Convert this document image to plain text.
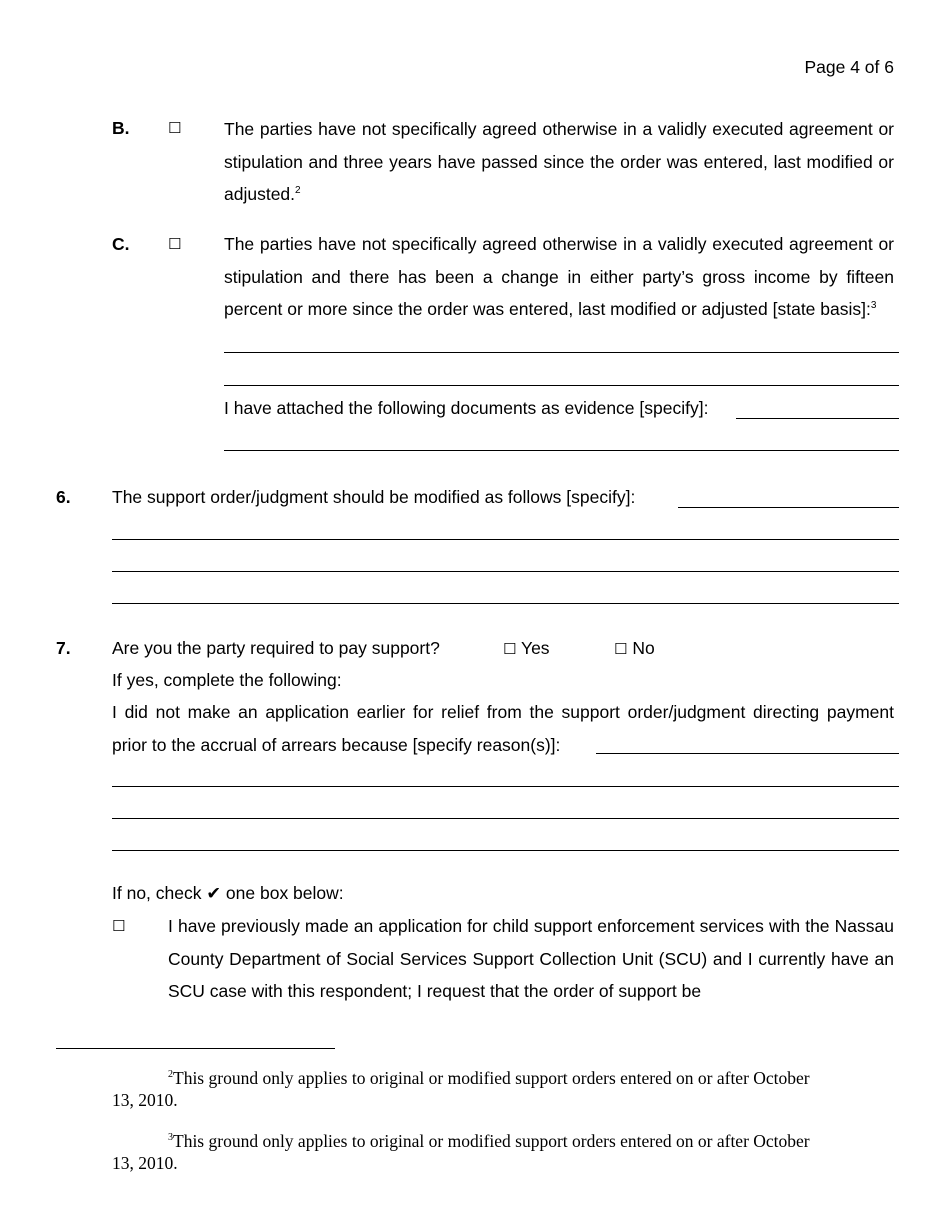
Page 4 of 6
B.	☐ The parties have not specifically agreed otherwise in a validly executed agreement or stipulation and three years have passed since the order was entered, last modified or adjusted.$^2$
C.	☐ The parties have not specifically agreed otherwise in a validly executed agreement or stipulation and there has been a change in either party’s gross income by fifteen percent or more since the order was entered, last modified or adjusted [state basis]:$^3$
I have attached the following documents as evidence [specify]:
6. The support order/judgment should be modified as follows [specify]:
7. Are you the party required to pay support?	☐ Yes	☐ No
If yes, complete the following:
I did not make an application earlier for relief from the support order/judgment directing payment prior to the accrual of arrears because [specify reason(s)]:
If no, check ✔ one box below:
☐ I have previously made an application for child support enforcement services with the Nassau County Department of Social Services Support Collection Unit (SCU) and I currently have an SCU case with this respondent; I request that the order of support be
$^2$This ground only applies to original or modified support orders entered on or after October 13, 2010.
$^3$This ground only applies to original or modified support orders entered on or after October 13, 2010.
